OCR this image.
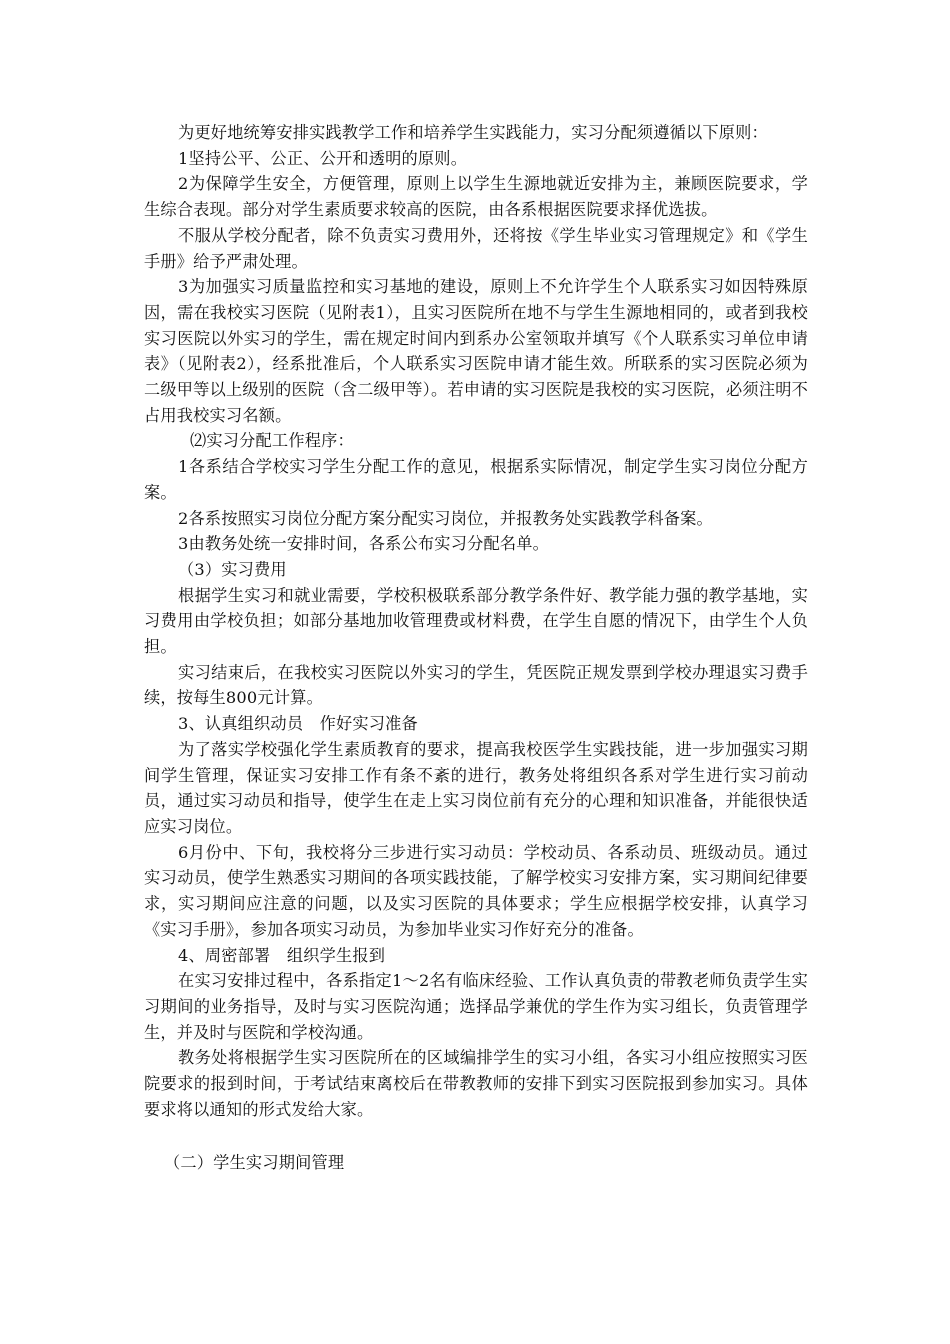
为更好地统筹安排实践教学工作和培养学生实践能力，实习分配须遵循以下原则：

1坚持公平、公正、公开和透明的原则。

2为保障学生安全，方便管理，原则上以学生生源地就近安排为主，兼顾医院要求，学生综合表现。部分对学生素质要求较高的医院，由各系根据医院要求择优选拔。

不服从学校分配者，除不负责实习费用外，还将按《学生毕业实习管理规定》和《学生手册》给予严肃处理。

3为加强实习质量监控和实习基地的建设，原则上不允许学生个人联系实习如因特殊原因，需在我校实习医院（见附表1），且实习医院所在地不与学生生源地相同的，或者到我校实习医院以外实习的学生，需在规定时间内到系办公室领取并填写《个人联系实习单位申请表》（见附表2），经系批准后，个人联系实习医院申请才能生效。所联系的实习医院必须为二级甲等以上级别的医院（含二级甲等）。若申请的实习医院是我校的实习医院，必须注明不占用我校实习名额。

⑵实习分配工作程序：

1各系结合学校实习学生分配工作的意见，根据系实际情况，制定学生实习岗位分配方案。

2各系按照实习岗位分配方案分配实习岗位，并报教务处实践教学科备案。

3由教务处统一安排时间，各系公布实习分配名单。

（3）实习费用

根据学生实习和就业需要，学校积极联系部分教学条件好、教学能力强的教学基地，实习费用由学校负担；如部分基地加收管理费或材料费，在学生自愿的情况下，由学生个人负担。

实习结束后，在我校实习医院以外实习的学生，凭医院正规发票到学校办理退实习费手续，按每生800元计算。

3、认真组织动员　作好实习准备

为了落实学校强化学生素质教育的要求，提高我校医学生实践技能，进一步加强实习期间学生管理，保证实习安排工作有条不紊的进行，教务处将组织各系对学生进行实习前动员，通过实习动员和指导，使学生在走上实习岗位前有充分的心理和知识准备，并能很快适应实习岗位。

6月份中、下旬，我校将分三步进行实习动员：学校动员、各系动员、班级动员。通过实习动员，使学生熟悉实习期间的各项实践技能，了解学校实习安排方案，实习期间纪律要求，实习期间应注意的问题，以及实习医院的具体要求；学生应根据学校安排，认真学习《实习手册》，参加各项实习动员，为参加毕业实习作好充分的准备。

4、周密部署　组织学生报到

在实习安排过程中，各系指定1～2名有临床经验、工作认真负责的带教老师负责学生实习期间的业务指导，及时与实习医院沟通；选择品学兼优的学生作为实习组长，负责管理学生，并及时与医院和学校沟通。

教务处将根据学生实习医院所在的区域编排学生的实习小组，各实习小组应按照实习医院要求的报到时间，于考试结束离校后在带教教师的安排下到实习医院报到参加实习。具体要求将以通知的形式发给大家。

（二）学生实习期间管理
